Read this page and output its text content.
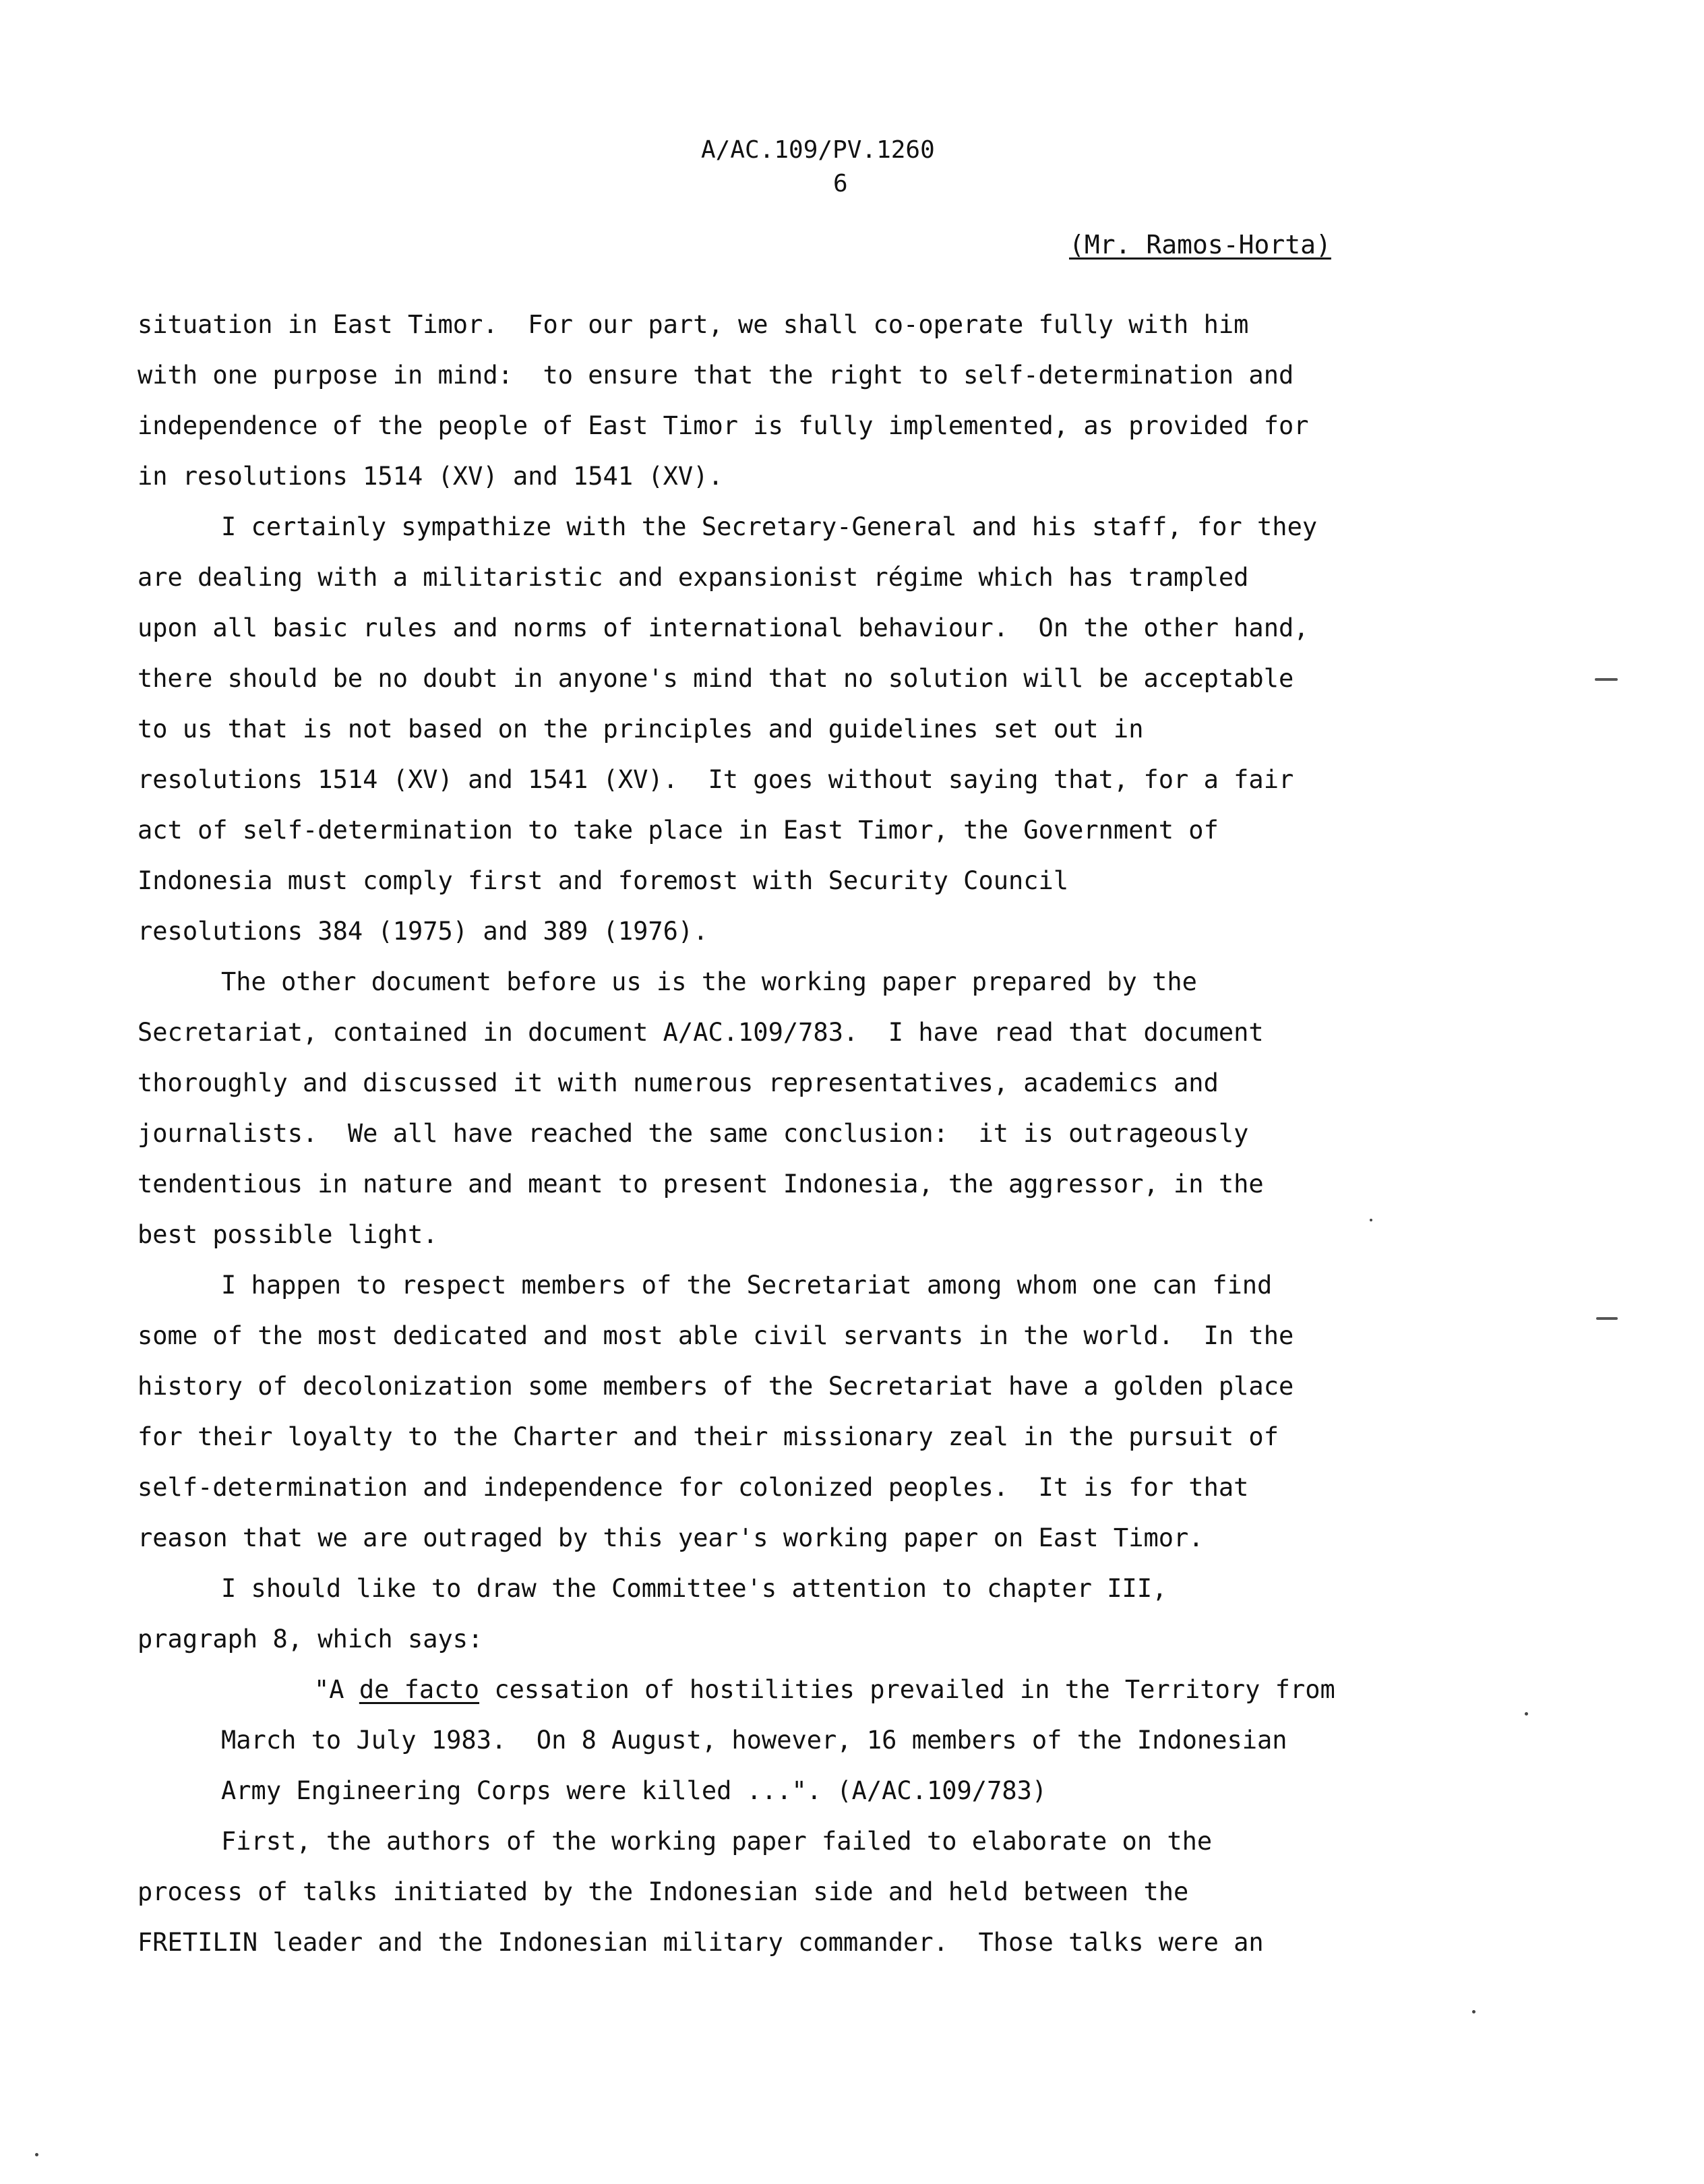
A/AC.109/PV.1260
6
(Mr. Ramos-Horta)
situation in East Timor.  For our part, we shall co-operate fully with him
with one purpose in mind:  to ensure that the right to self-determination and
independence of the people of East Timor is fully implemented, as provided for
in resolutions 1514 (XV) and 1541 (XV).
I certainly sympathize with the Secretary-General and his staff, for they
are dealing with a militaristic and expansionist régime which has trampled
upon all basic rules and norms of international behaviour.  On the other hand,
there should be no doubt in anyone's mind that no solution will be acceptable
to us that is not based on the principles and guidelines set out in
resolutions 1514 (XV) and 1541 (XV).  It goes without saying that, for a fair
act of self-determination to take place in East Timor, the Government of
Indonesia must comply first and foremost with Security Council
resolutions 384 (1975) and 389 (1976).
The other document before us is the working paper prepared by the
Secretariat, contained in document A/AC.109/783.  I have read that document
thoroughly and discussed it with numerous representatives, academics and
journalists.  We all have reached the same conclusion:  it is outrageously
tendentious in nature and meant to present Indonesia, the aggressor, in the
best possible light.
I happen to respect members of the Secretariat among whom one can find
some of the most dedicated and most able civil servants in the world.  In the
history of decolonization some members of the Secretariat have a golden place
for their loyalty to the Charter and their missionary zeal in the pursuit of
self-determination and independence for colonized peoples.  It is for that
reason that we are outraged by this year's working paper on East Timor.
I should like to draw the Committee's attention to chapter III,
pragraph 8, which says:
"A de facto cessation of hostilities prevailed in the Territory from
March to July 1983.  On 8 August, however, 16 members of the Indonesian
Army Engineering Corps were killed ...". (A/AC.109/783)
First, the authors of the working paper failed to elaborate on the
process of talks initiated by the Indonesian side and held between the
FRETILIN leader and the Indonesian military commander.  Those talks were an
